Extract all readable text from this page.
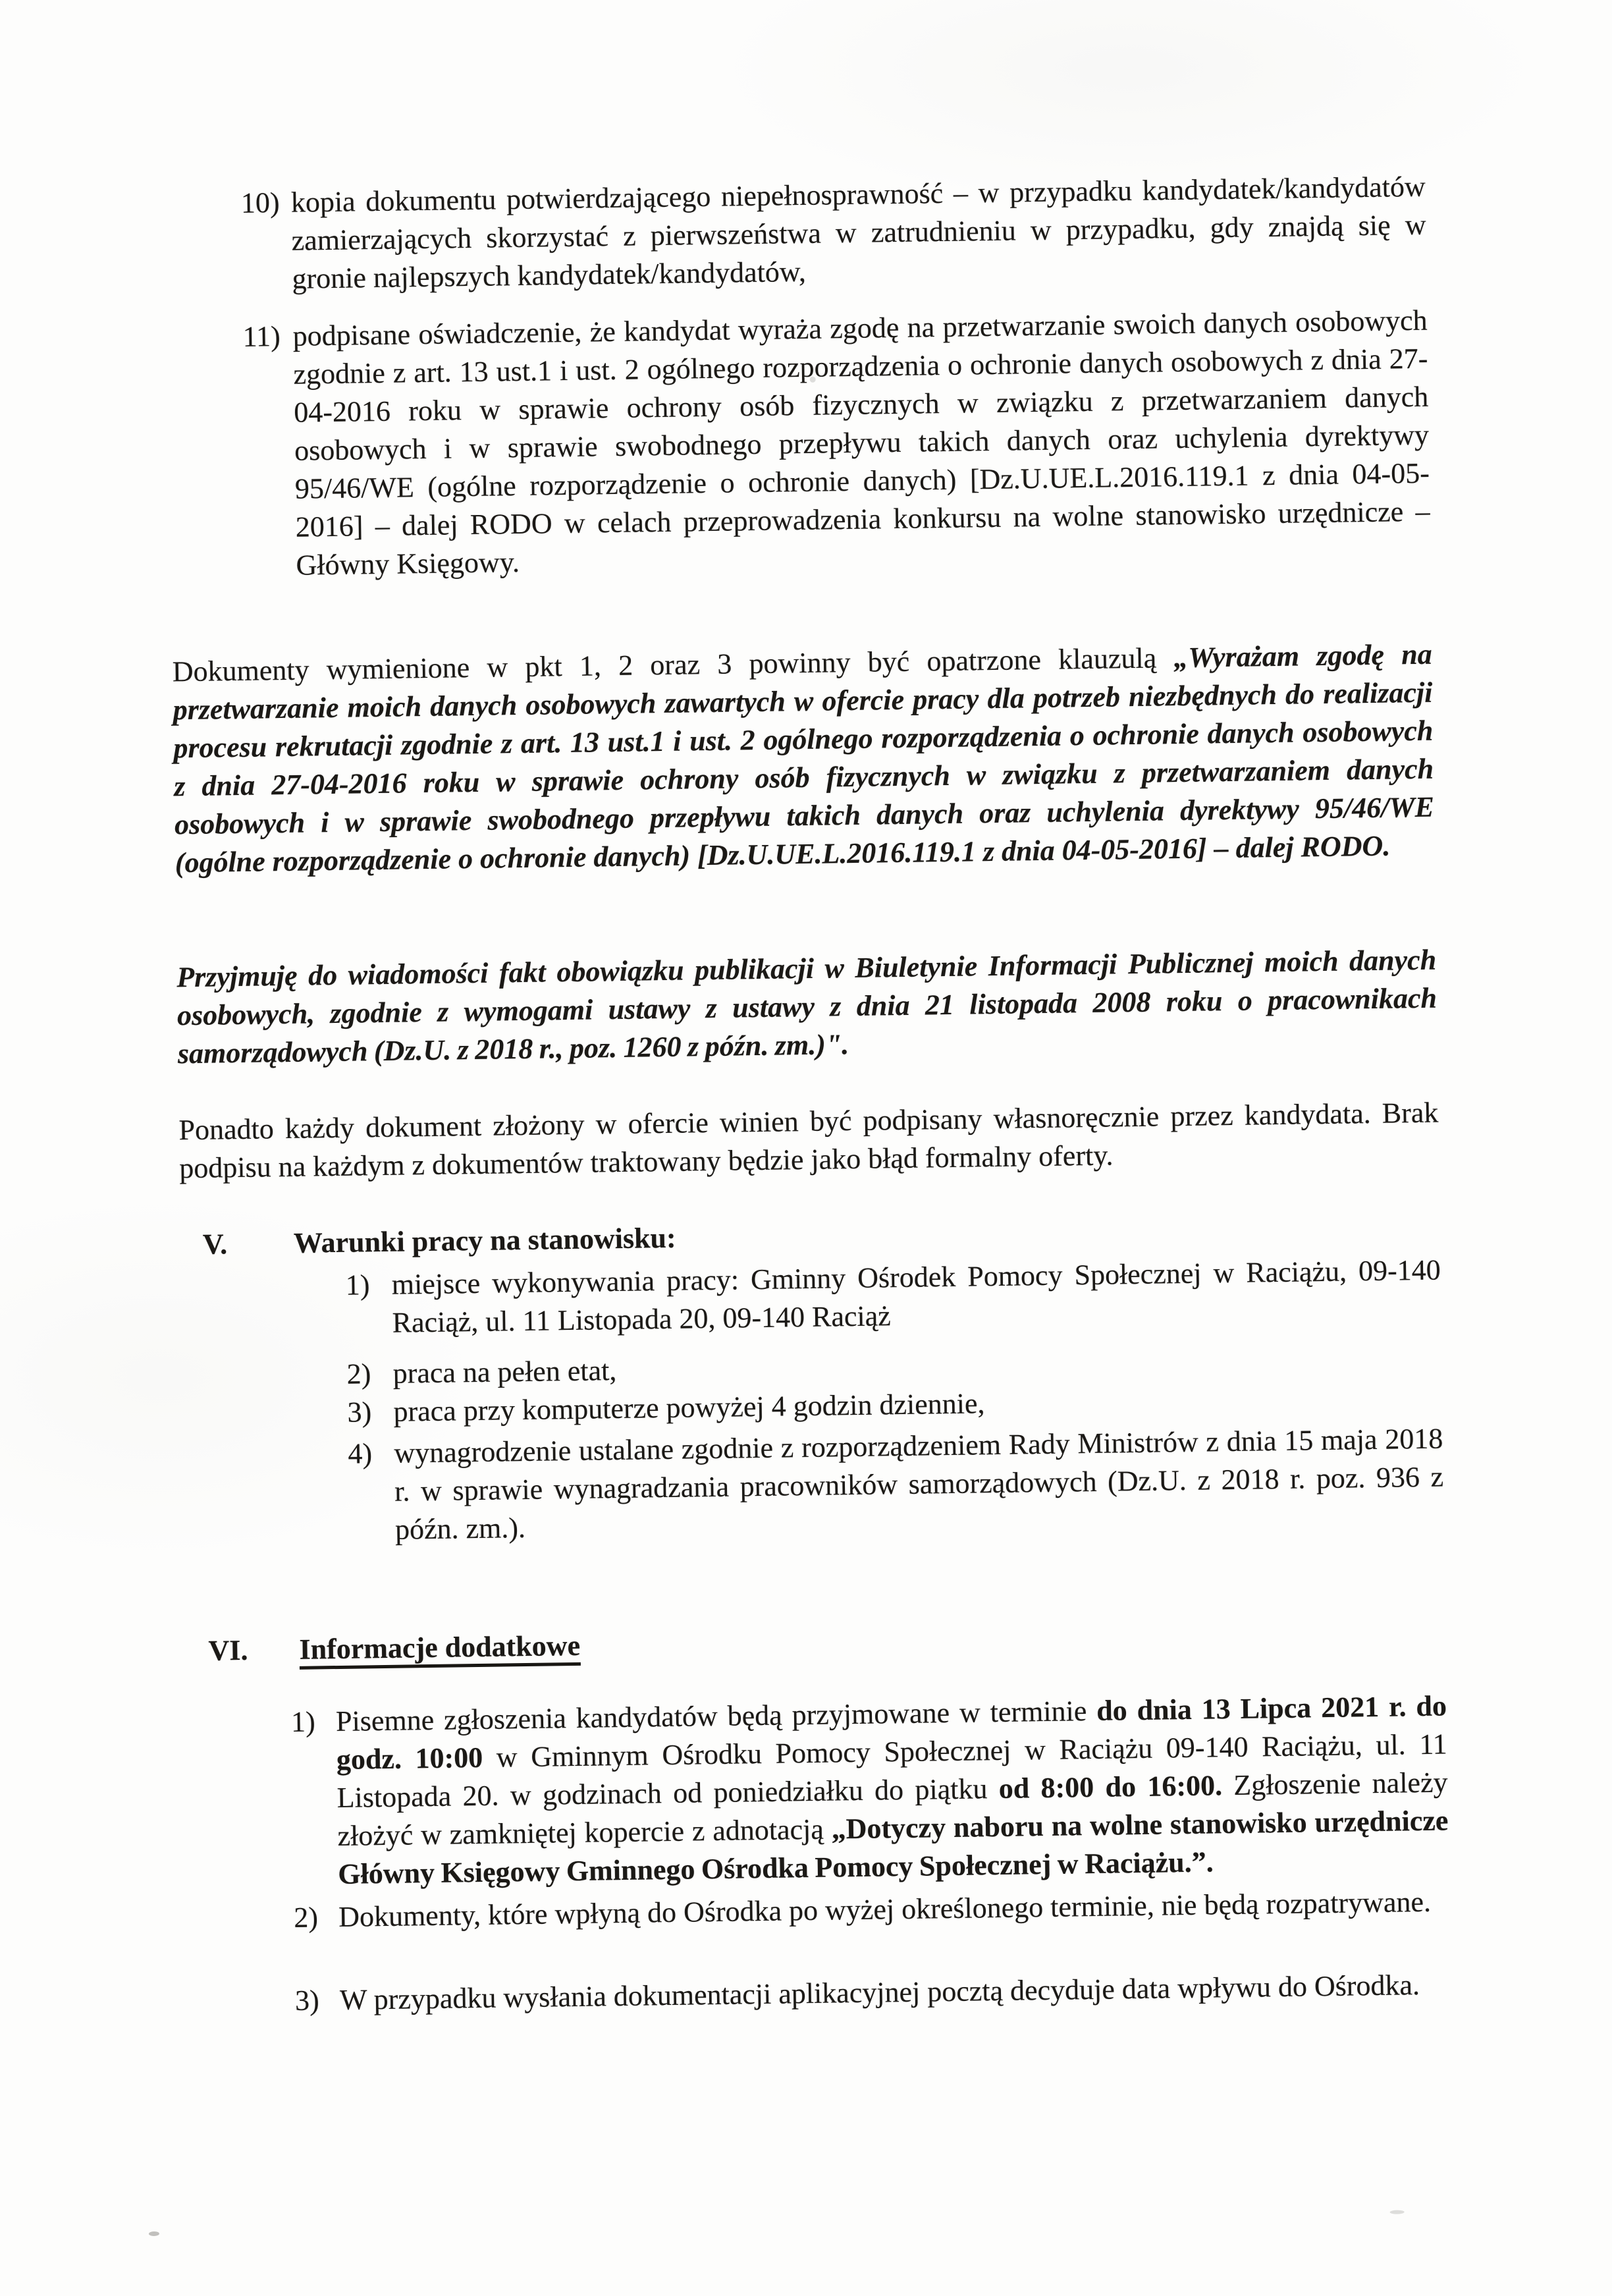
10) kopia dokumentu potwierdzającego niepełnosprawność – w przypadku kandydatek/kandydatów zamierzających skorzystać z pierwszeństwa w zatrudnieniu w przypadku, gdy znajdą się w gronie najlepszych kandydatek/kandydatów,
11) podpisane oświadczenie, że kandydat wyraża zgodę na przetwarzanie swoich danych osobowych zgodnie z art. 13 ust.1 i ust. 2 ogólnego rozporządzenia o ochronie danych osobowych z dnia 27-04-2016 roku w sprawie ochrony osób fizycznych w związku z przetwarzaniem danych osobowych i w sprawie swobodnego przepływu takich danych oraz uchylenia dyrektywy 95/46/WE (ogólne rozporządzenie o ochronie danych) [Dz.U.UE.L.2016.119.1 z dnia 04-05-2016] – dalej RODO w celach przeprowadzenia konkursu na wolne stanowisko urzędnicze – Główny Księgowy.
Dokumenty wymienione w pkt 1, 2 oraz 3 powinny być opatrzone klauzulą „Wyrażam zgodę na przetwarzanie moich danych osobowych zawartych w ofercie pracy dla potrzeb niezbędnych do realizacji procesu rekrutacji zgodnie z art. 13 ust.1 i ust. 2 ogólnego rozporządzenia o ochronie danych osobowych z dnia 27-04-2016 roku w sprawie ochrony osób fizycznych w związku z przetwarzaniem danych osobowych i w sprawie swobodnego przepływu takich danych oraz uchylenia dyrektywy 95/46/WE (ogólne rozporządzenie o ochronie danych) [Dz.U.UE.L.2016.119.1 z dnia 04-05-2016] – dalej RODO.
Przyjmuję do wiadomości fakt obowiązku publikacji w Biuletynie Informacji Publicznej moich danych osobowych, zgodnie z wymogami ustawy z ustawy z dnia 21 listopada 2008 roku o pracownikach samorządowych (Dz.U. z 2018 r., poz. 1260 z późn. zm.)".
Ponadto każdy dokument złożony w ofercie winien być podpisany własnoręcznie przez kandydata. Brak podpisu na każdym z dokumentów traktowany będzie jako błąd formalny oferty.
V. Warunki pracy na stanowisku:
1) miejsce wykonywania pracy: Gminny Ośrodek Pomocy Społecznej w Raciążu, 09-140 Raciąż, ul. 11 Listopada 20, 09-140 Raciąż
2) praca na pełen etat,
3) praca przy komputerze powyżej 4 godzin dziennie,
4) wynagrodzenie ustalane zgodnie z rozporządzeniem Rady Ministrów z dnia 15 maja 2018 r. w sprawie wynagradzania pracowników samorządowych (Dz.U. z 2018 r. poz. 936 z późn. zm.).
VI. Informacje dodatkowe
1) Pisemne zgłoszenia kandydatów będą przyjmowane w terminie do dnia 13 Lipca 2021 r. do godz. 10:00 w Gminnym Ośrodku Pomocy Społecznej w Raciążu 09-140 Raciążu, ul. 11 Listopada 20. w godzinach od poniedziałku do piątku od 8:00 do 16:00. Zgłoszenie należy złożyć w zamkniętej kopercie z adnotacją „Dotyczy naboru na wolne stanowisko urzędnicze Główny Księgowy Gminnego Ośrodka Pomocy Społecznej w Raciążu.”.
2) Dokumenty, które wpłyną do Ośrodka po wyżej określonego terminie, nie będą rozpatrywane.
3) W przypadku wysłania dokumentacji aplikacyjnej pocztą decyduje data wpływu do Ośrodka.
